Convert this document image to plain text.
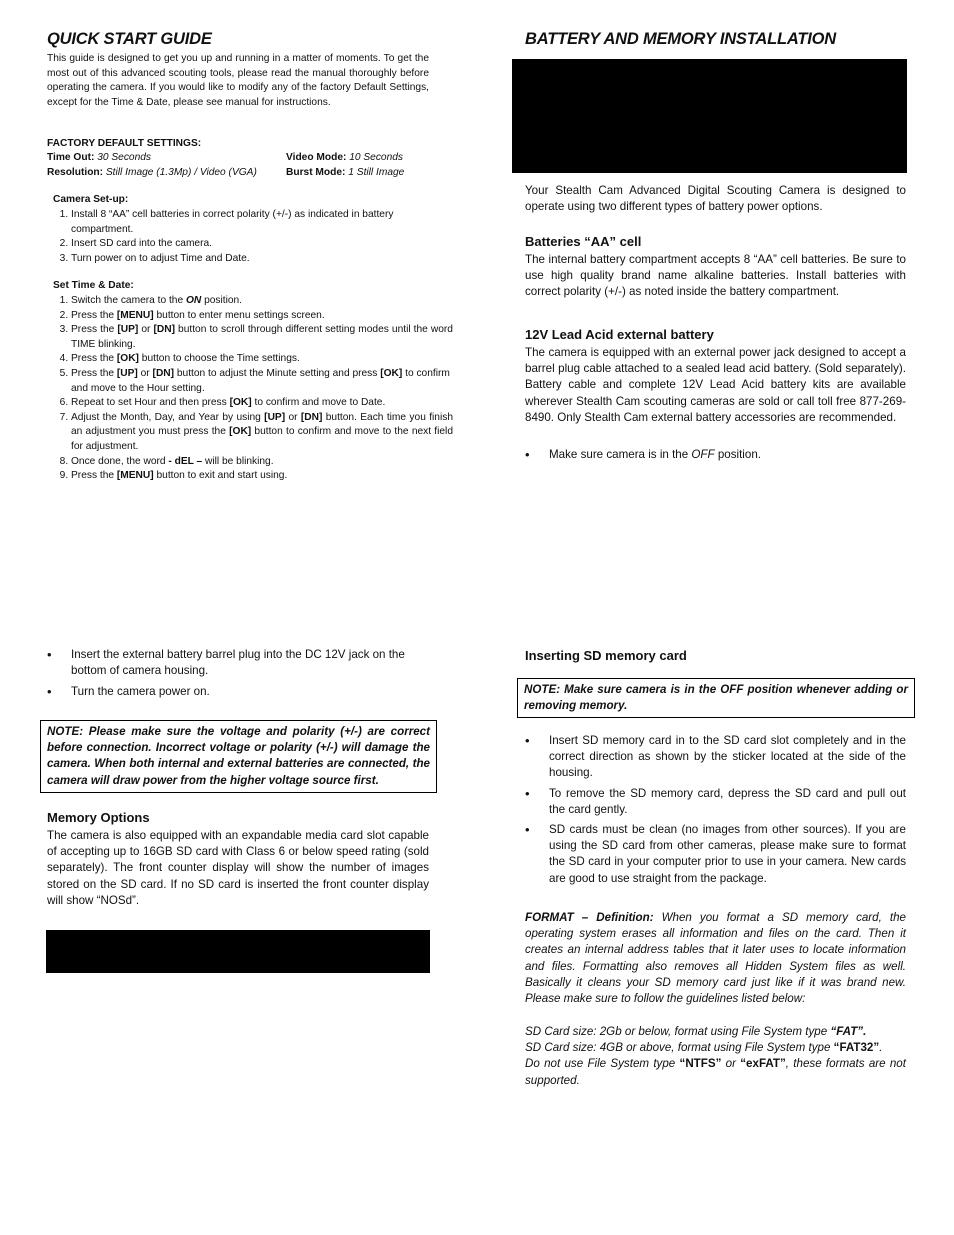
QUICK START GUIDE
This guide is designed to get you up and running in a matter of moments. To get the most out of this advanced scouting tools, please read the manual thoroughly before operating the camera. If you would like to modify any of the factory Default Settings, except for the Time & Date, please see manual for instructions.
FACTORY DEFAULT SETTINGS:
Time Out: 30 Seconds	Video Mode: 10 Seconds
Resolution: Still Image (1.3Mp) / Video (VGA)	Burst Mode: 1 Still Image
Camera Set-up:
1. Install 8 “AA” cell batteries in correct polarity (+/-) as indicated in battery compartment.
2. Insert SD card into the camera.
3. Turn power on to adjust Time and Date.
Set Time & Date:
1. Switch the camera to the ON position.
2. Press the [MENU] button to enter menu settings screen.
3. Press the [UP] or [DN] button to scroll through different setting modes until the word TIME blinking.
4. Press the [OK] button to choose the Time settings.
5. Press the [UP] or [DN] button to adjust the Minute setting and press [OK] to confirm and move to the Hour setting.
6. Repeat to set Hour and then press [OK] to confirm and move to Date.
7. Adjust the Month, Day, and Year by using [UP] or [DN] button. Each time you finish an adjustment you must press the [OK] button to confirm and move to the next field for adjustment.
8. Once done, the word - dEL – will be blinking.
9. Press the [MENU] button to exit and start using.
BATTERY AND MEMORY INSTALLATION
Your Stealth Cam Advanced Digital Scouting Camera is designed to operate using two different types of battery power options.
Batteries “AA” cell
The internal battery compartment accepts 8 “AA” cell batteries. Be sure to use high quality brand name alkaline batteries. Install batteries with correct polarity (+/-) as noted inside the battery compartment.
12V Lead Acid external battery
The camera is equipped with an external power jack designed to accept a barrel plug cable attached to a sealed lead acid battery. (Sold separately). Battery cable and complete 12V Lead Acid battery kits are available wherever Stealth Cam scouting cameras are sold or call toll free 877-269-8490. Only Stealth Cam external battery accessories are recommended.
• Make sure camera is in the OFF position.
• Insert the external battery barrel plug into the DC 12V jack on the bottom of camera housing.
• Turn the camera power on.
NOTE: Please make sure the voltage and polarity (+/-) are correct before connection. Incorrect voltage or polarity (+/-) will damage the camera. When both internal and external batteries are connected, the camera will draw power from the higher voltage source first.
Memory Options
The camera is also equipped with an expandable media card slot capable of accepting up to 16GB SD card with Class 6 or below speed rating (sold separately). The front counter display will show the number of images stored on the SD card. If no SD card is inserted the front counter display will show “NOSd”.
Inserting SD memory card
NOTE: Make sure camera is in the OFF position whenever adding or removing memory.
• Insert SD memory card in to the SD card slot completely and in the correct direction as shown by the sticker located at the side of the housing.
• To remove the SD memory card, depress the SD card and pull out the card gently.
• SD cards must be clean (no images from other sources). If you are using the SD card from other cameras, please make sure to format the SD card in your computer prior to use in your camera. New cards are good to use straight from the package.
FORMAT – Definition: When you format a SD memory card, the operating system erases all information and files on the card. Then it creates an internal address tables that it later uses to locate information and files. Formatting also removes all Hidden System files as well. Basically it cleans your SD memory card just like if it was brand new. Please make sure to follow the guidelines listed below:
SD Card size: 2Gb or below, format using File System type “FAT”.
SD Card size: 4GB or above, format using File System type “FAT32”.
Do not use File System type “NTFS” or “exFAT”, these formats are not supported.
